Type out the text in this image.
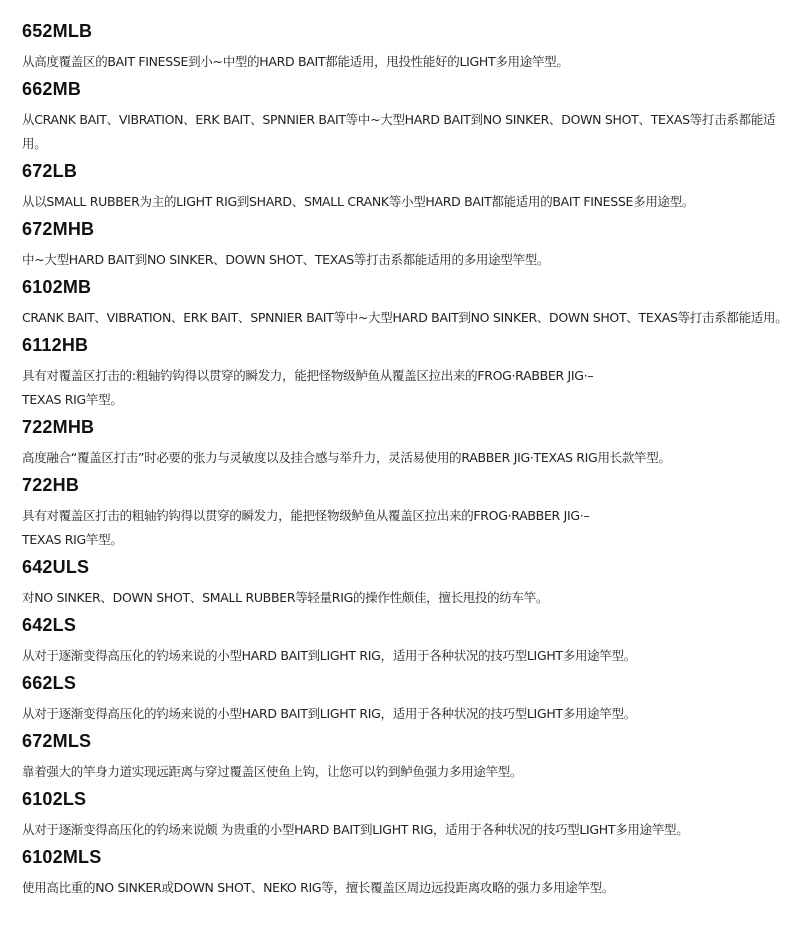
652MLB
从高度覆盖区的BAIT FINESSE到小~中型的HARD BAIT都能适用，甩投性能好的LIGHT多用途竿型。
662MB
从CRANK BAIT、VIBRATION、ERK BAIT、SPNNIER BAIT等中~大型HARD BAIT到NO SINKER、DOWN SHOT、TEXAS等打击系都能适用。
672LB
从以SMALL RUBBER为主的LIGHT RIG到SHARD、SMALL CRANK等小型HARD BAIT都能适用的BAIT FINESSE多用途型。
672MHB
中~大型HARD BAIT到NO SINKER、DOWN SHOT、TEXAS等打击系都能适用的多用途型竿型。
6102MB
CRANK BAIT、VIBRATION、ERK BAIT、SPNNIER BAIT等中~大型HARD BAIT到NO SINKER、DOWN SHOT、TEXAS等打击系都能适用。
6112HB
具有对覆盖区打击的:粗轴钓钩得以贯穿的瞬发力，能把怪物级鲈鱼从覆盖区拉出来的FROG·RABBER JIG·–
TEXAS RIG竿型。
722MHB
高度融合“覆盖区打击”时必要的张力与灵敏度以及挂合感与举升力，灵活易使用的RABBER JIG·TEXAS RIG用长款竿型。
722HB
具有对覆盖区打击的粗轴钓钩得以贯穿的瞬发力，能把怪物级鲈鱼从覆盖区拉出来的FROG·RABBER JIG·–
TEXAS RIG竿型。
642ULS
对NO SINKER、DOWN SHOT、SMALL RUBBER等轻量RIG的操作性颇佳，擅长甩投的纺车竿。
642LS
从对于逐渐变得高压化的钓场来说的小型HARD BAIT到LIGHT RIG，适用于各种状况的技巧型LIGHT多用途竿型。
662LS
从对于逐渐变得高压化的钓场来说的小型HARD BAIT到LIGHT RIG，适用于各种状况的技巧型LIGHT多用途竿型。
672MLS
靠着强大的竿身力道实现远距离与穿过覆盖区使鱼上钩，让您可以钓到鲈鱼强力多用途竿型。
6102LS
从对于逐渐变得高压化的钓场来说颇 为贵重的小型HARD BAIT到LIGHT RIG，适用于各种状况的技巧型LIGHT多用途竿型。
6102MLS
使用高比重的NO SINKER或DOWN SHOT、NEKO RIG等，擅长覆盖区周边远投距离攻略的强力多用途竿型。
